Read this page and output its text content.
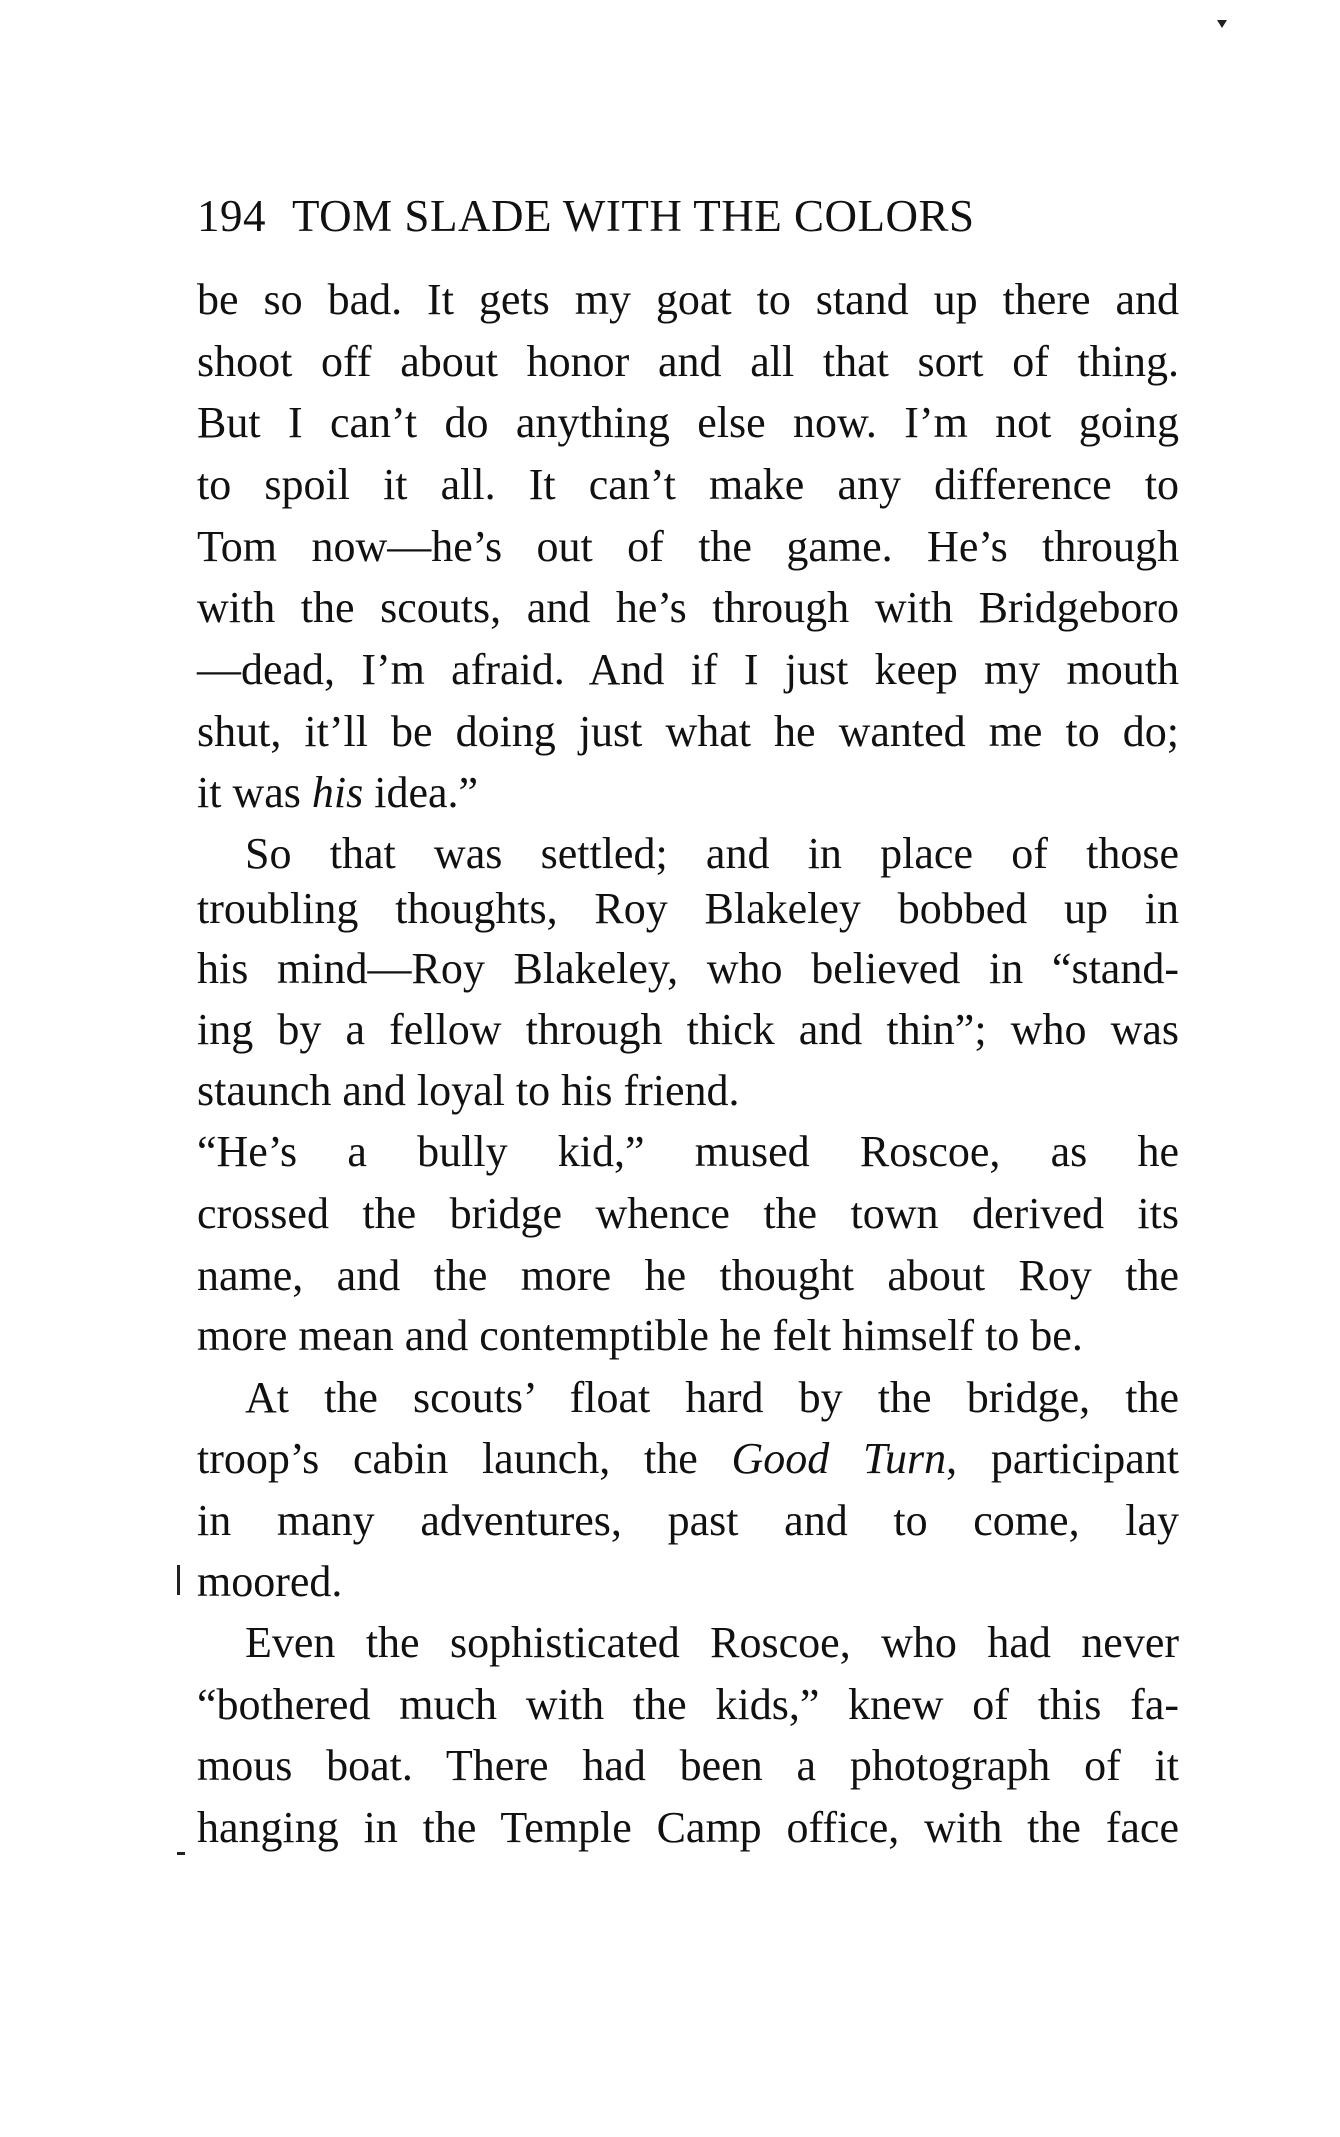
194 TOM SLADE WITH THE COLORS
be so bad. It gets my goat to stand up there and
shoot off about honor and all that sort of thing.
But I can’t do anything else now. I’m not going
to spoil it all. It can’t make any difference to
Tom now—he’s out of the game. He’s through
with the scouts, and he’s through with Bridgeboro
—dead, I’m afraid. And if I just keep my mouth
shut, it’ll be doing just what he wanted me to do;
it was his idea.”
So that was settled; and in place of those
troubling thoughts, Roy Blakeley bobbed up in
his mind—Roy Blakeley, who believed in “stand-
ing by a fellow through thick and thin”; who was
staunch and loyal to his friend.
“He’s a bully kid,” mused Roscoe, as he
crossed the bridge whence the town derived its
name, and the more he thought about Roy the
more mean and contemptible he felt himself to be.
At the scouts’ float hard by the bridge, the
troop’s cabin launch, the Good Turn, participant
in many adventures, past and to come, lay
moored.
Even the sophisticated Roscoe, who had never
“bothered much with the kids,” knew of this fa-
mous boat. There had been a photograph of it
hanging in the Temple Camp office, with the face
